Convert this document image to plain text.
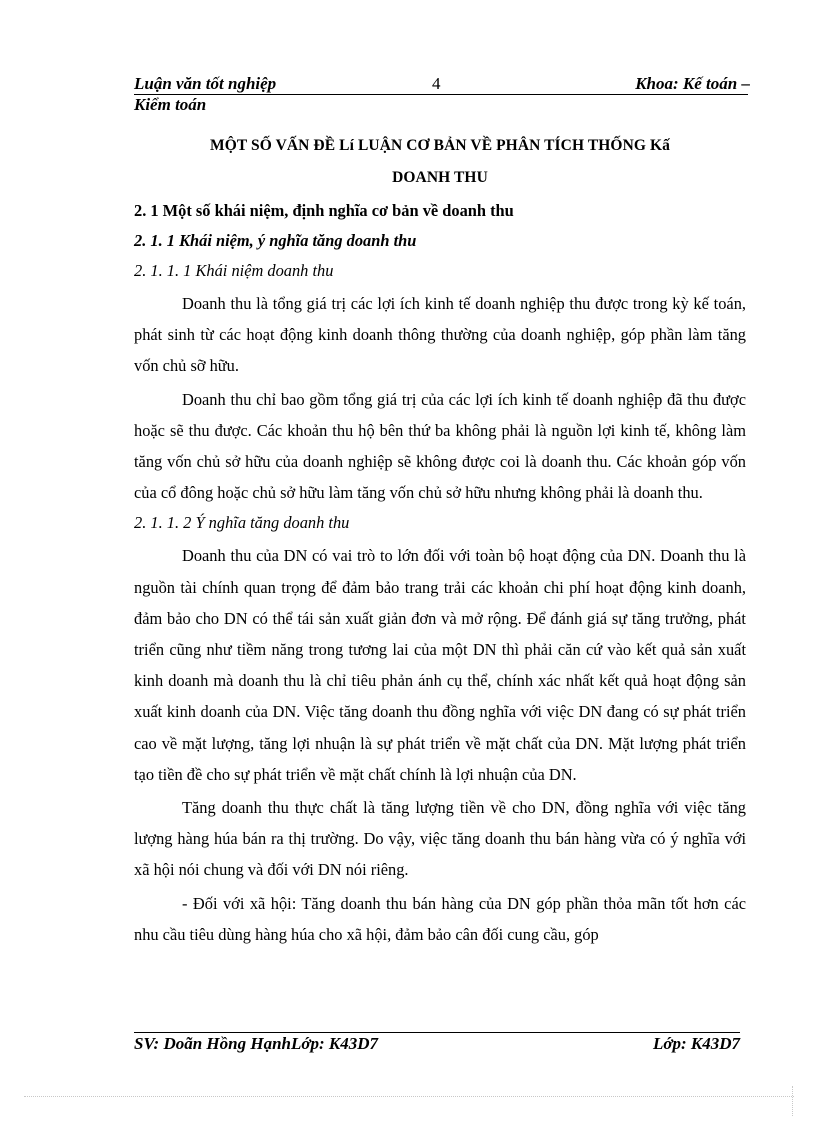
Luận văn tốt nghiệp	4	Khoa: Kế toán –
Kiểm toán
MỘT SỐ VẤN ĐỀ Lí LUẬN CƠ BẢN VỀ PHÂN TÍCH THỐNG Kấ
DOANH THU
2. 1 Một số khái niệm, định nghĩa cơ bản về doanh thu
2. 1. 1 Khái niệm, ý nghĩa tăng doanh thu
2. 1. 1. 1 Khái niệm doanh thu

Doanh thu là tổng giá trị các lợi ích kinh tế doanh nghiệp thu được trong kỳ kế toán, phát sinh từ các hoạt động kinh doanh thông thường của doanh nghiệp, góp phần làm tăng vốn chủ sỡ hữu.

Doanh thu chỉ bao gồm tổng giá trị của các lợi ích kinh tế doanh nghiệp đã thu được hoặc sẽ thu được. Các khoản thu hộ bên thứ ba không phải là nguồn lợi kinh tế, không làm tăng vốn chủ sở hữu của doanh nghiệp sẽ không được coi là doanh thu. Các khoản góp vốn của cổ đông hoặc chủ sở hữu làm tăng vốn chủ sở hữu nhưng không phải là doanh thu.

2. 1. 1. 2 Ý nghĩa tăng doanh thu

Doanh thu của DN có vai trò to lớn đối với toàn bộ hoạt động của DN. Doanh thu là nguồn tài chính quan trọng để đảm bảo trang trải các khoản chi phí hoạt động kinh doanh, đảm bảo cho DN có thể tái sản xuất giản đơn và mở rộng. Để đánh giá sự tăng trưởng, phát triển cũng như tiềm năng trong tương lai của một DN thì phải căn cứ vào kết quả sản xuất kinh doanh mà doanh thu là chỉ tiêu phản ánh cụ thể, chính xác nhất kết quả hoạt động sản xuất kinh doanh của DN. Việc tăng doanh thu đồng nghĩa với việc DN đang có sự phát triển cao về mặt lượng, tăng lợi nhuận là sự phát triển về mặt chất của DN. Mặt lượng phát triển tạo tiền đề cho sự phát triển về mặt chất chính là lợi nhuận của DN.

Tăng doanh thu thực chất là tăng lượng tiền về cho DN, đồng nghĩa với việc tăng lượng hàng húa bán ra thị trường. Do vậy, việc tăng doanh thu bán hàng vừa có ý nghĩa với xã hội nói chung và đối với DN nói riêng.

- Đối với xã hội: Tăng doanh thu bán hàng của DN góp phần thỏa mãn tốt hơn các nhu cầu tiêu dùng hàng húa cho xã hội, đảm bảo cân đối cung cầu, góp

SV: Doãn Hồng HạnhLớp: K43D7	Lớp: K43D7
